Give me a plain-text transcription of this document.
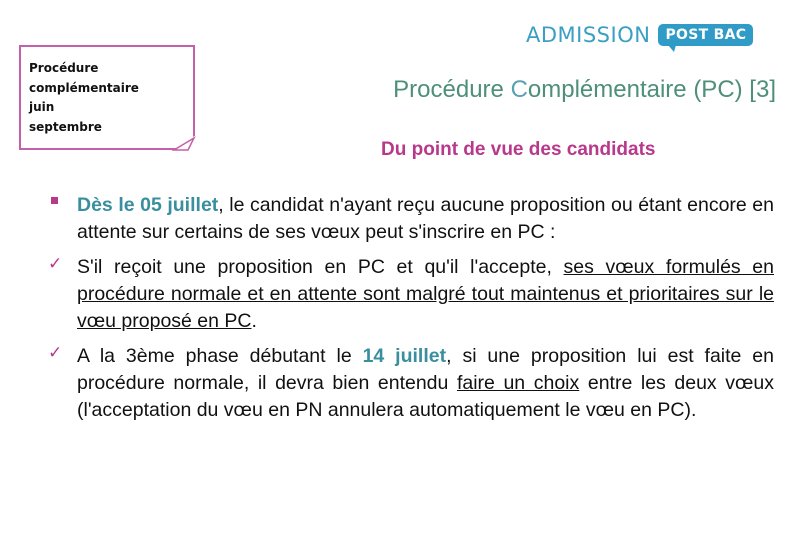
ADMISSION	POST BAC
Procédure
complémentaire
juin
septembre
Procédure Complémentaire (PC) [3]
Du point de vue des candidats

Dès le 05 juillet, le candidat n'ayant reçu aucune proposition ou étant encore en attente sur certains de ses vœux peut s'inscrire en PC :

✓ S'il reçoit une proposition en PC et qu'il l'accepte, ses vœux formulés en procédure normale et en attente sont malgré tout maintenus et prioritaires sur le vœu proposé en PC.

✓ A la 3ème phase débutant le 14 juillet, si une proposition lui est faite en procédure normale, il devra bien entendu faire un choix entre les deux vœux (l'acceptation du vœu en PN annulera automatiquement le vœu en PC).
